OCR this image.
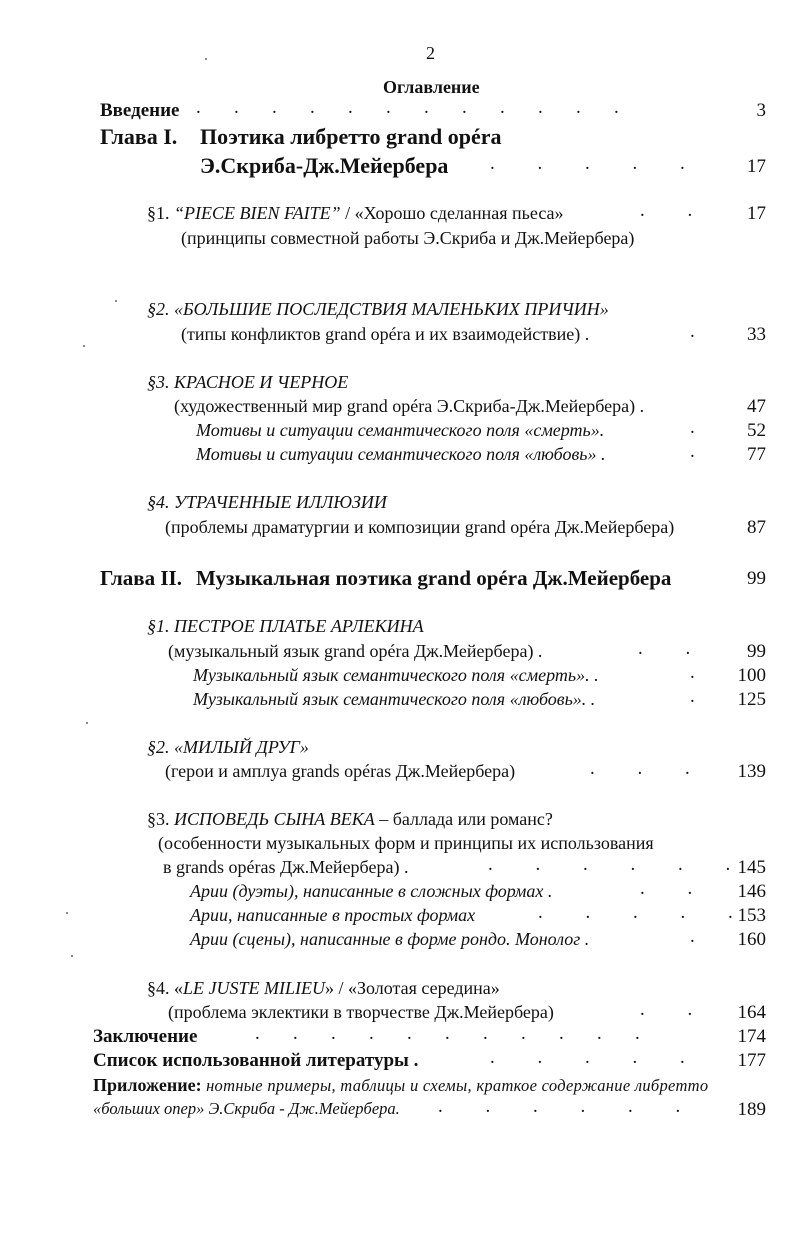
2
Оглавление
Введение .       .       .       .       .       .       .       .       .       .       .       .	3
Глава I. Поэтика либретто grand opéra
Э.Скриба-Дж.Мейербера .         .         .         .         .	17
§1. “PIECE BIEN FAITE” / «Хорошо сделанная пьеса»	.         .	17
(принципы совместной работы Э.Скриба и Дж.Мейербера)
§2. «БОЛЬШИЕ ПОСЛЕДСТВИЯ МАЛЕНЬКИХ ПРИЧИН»
(типы конфликтов grand opéra и их взаимодействие) .	.	33
§3. КРАСНОЕ И ЧЕРНОЕ
(художественный мир grand opéra Э.Скриба-Дж.Мейербера) .	47
Мотивы и ситуации семантического поля «смерть».	.	52
Мотивы и ситуации семантического поля «любовь» .	.	77
§4. УТРАЧЕННЫЕ ИЛЛЮЗИИ
(проблемы драматургии и композиции grand opéra Дж.Мейербера)	87
Глава II. Музыкальная поэтика grand opéra Дж.Мейербера	99
§1. ПЕСТРОЕ ПЛАТЬЕ АРЛЕКИНА
(музыкальный язык grand opéra Дж.Мейербера) .	.         .	99
Музыкальный язык семантического поля «смерть». .	. 100
Музыкальный язык семантического поля «любовь». .	. 125
§2. «МИЛЫЙ ДРУГ»
(герои и амплуа grands opéras Дж.Мейербера)	.         .         .	139
§3. ИСПОВЕДЬ СЫНА ВЕКА – баллада или романс?
(особенности музыкальных форм и принципы их использования
в grands opéras Дж.Мейербера) .	.         .         .         .         .         . 145
Арии (дуэты), написанные в сложных формах .	.         . 146
Арии, написанные в простых формах	.         .         .         .         . 153
Арии (сцены), написанные в форме рондо. Монолог .	. 160
§4. «LE JUSTE MILIEU» / «Золотая середина»
(проблема эклектики в творчестве Дж.Мейербера)	.         . 164
Заключение	.       .       .       .       .       .       .       .       .       .       .	174
Список использованной литературы .	.         .         .         .         .	177
Приложение: нотные примеры, таблицы и схемы, краткое содержание либретто
«больших опер» Э.Скриба - Дж.Мейербера. .         .         .         .         .         .	189
